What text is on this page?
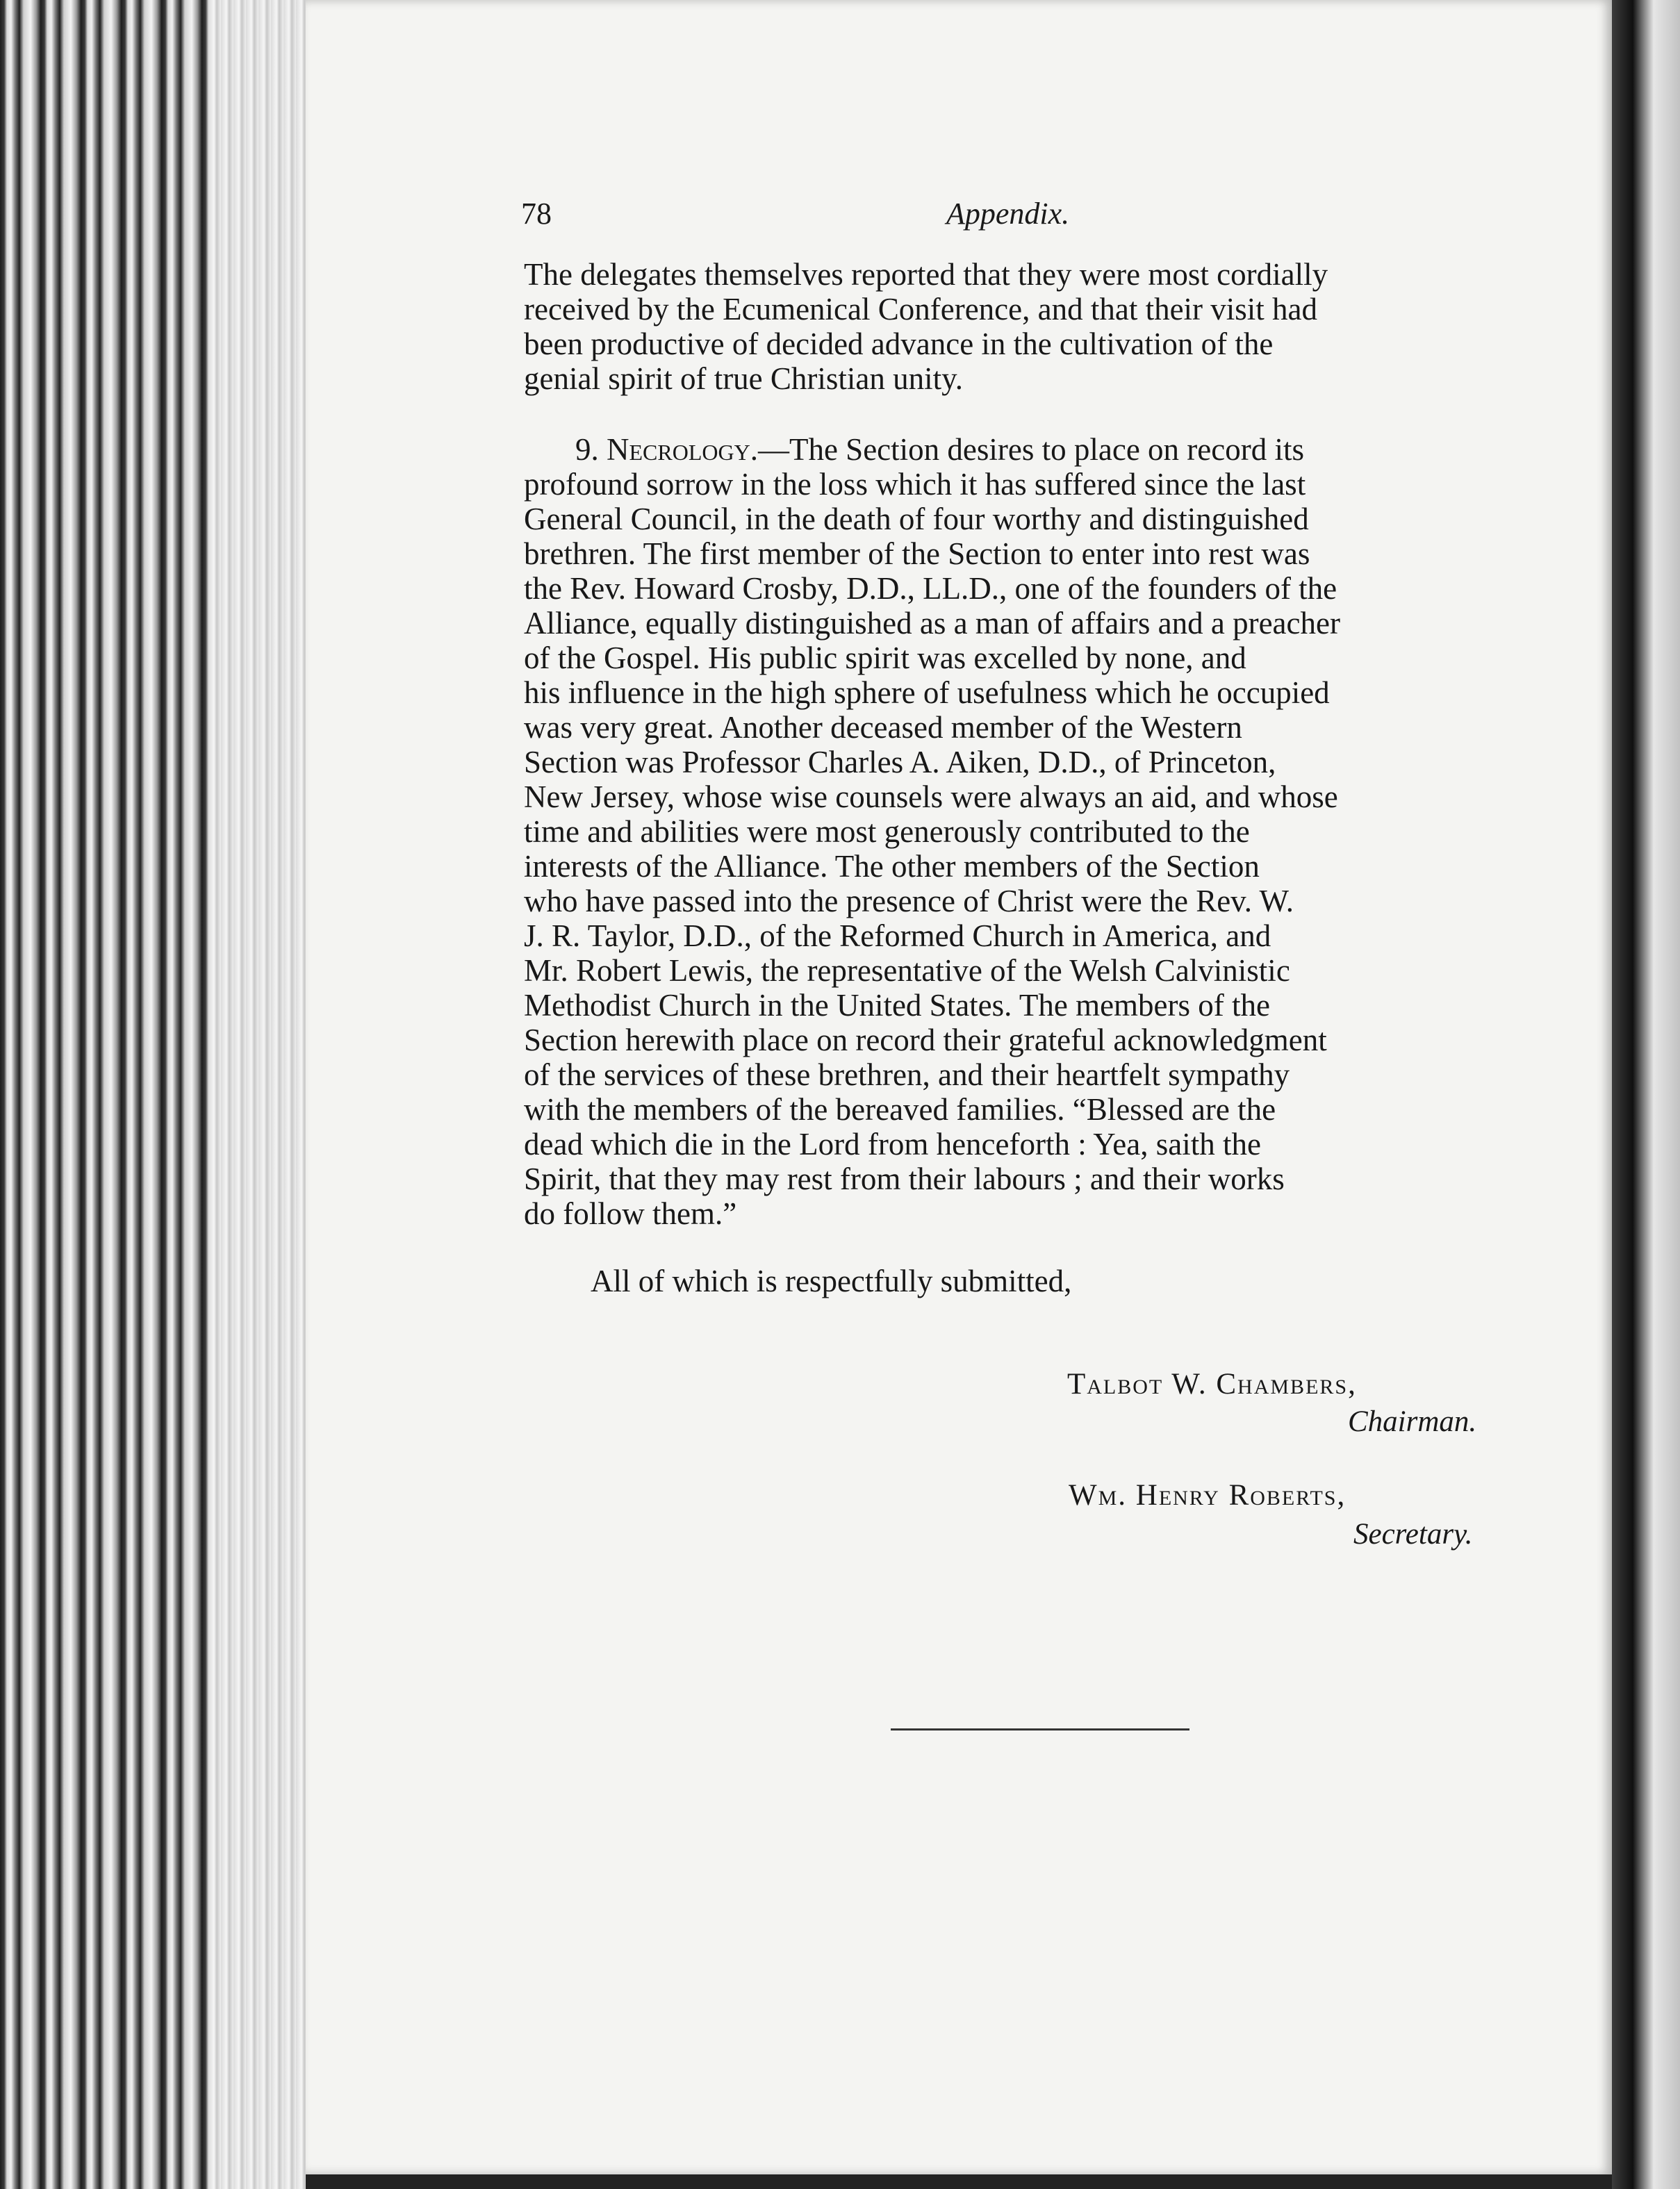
78	Appendix.

The delegates themselves reported that they were most cordially
received by the Ecumenical Conference, and that their visit had
been productive of decided advance in the cultivation of the
genial spirit of true Christian unity.

9. Necrology.—The Section desires to place on record its
profound sorrow in the loss which it has suffered since the last
General Council, in the death of four worthy and distinguished
brethren. The first member of the Section to enter into rest was
the Rev. Howard Crosby, D.D., LL.D., one of the founders of the
Alliance, equally distinguished as a man of affairs and a preacher
of the Gospel. His public spirit was excelled by none, and
his influence in the high sphere of usefulness which he occupied
was very great. Another deceased member of the Western
Section was Professor Charles A. Aiken, D.D., of Princeton,
New Jersey, whose wise counsels were always an aid, and whose
time and abilities were most generously contributed to the
interests of the Alliance. The other members of the Section
who have passed into the presence of Christ were the Rev. W.
J. R. Taylor, D.D., of the Reformed Church in America, and
Mr. Robert Lewis, the representative of the Welsh Calvinistic
Methodist Church in the United States. The members of the
Section herewith place on record their grateful acknowledgment
of the services of these brethren, and their heartfelt sympathy
with the members of the bereaved families. “Blessed are the
dead which die in the Lord from henceforth : Yea, saith the
Spirit, that they may rest from their labours ; and their works
do follow them.”

All of which is respectfully submitted,
Talbot W. Chambers,
Chairman.
Wm. Henry Roberts,
Secretary.
